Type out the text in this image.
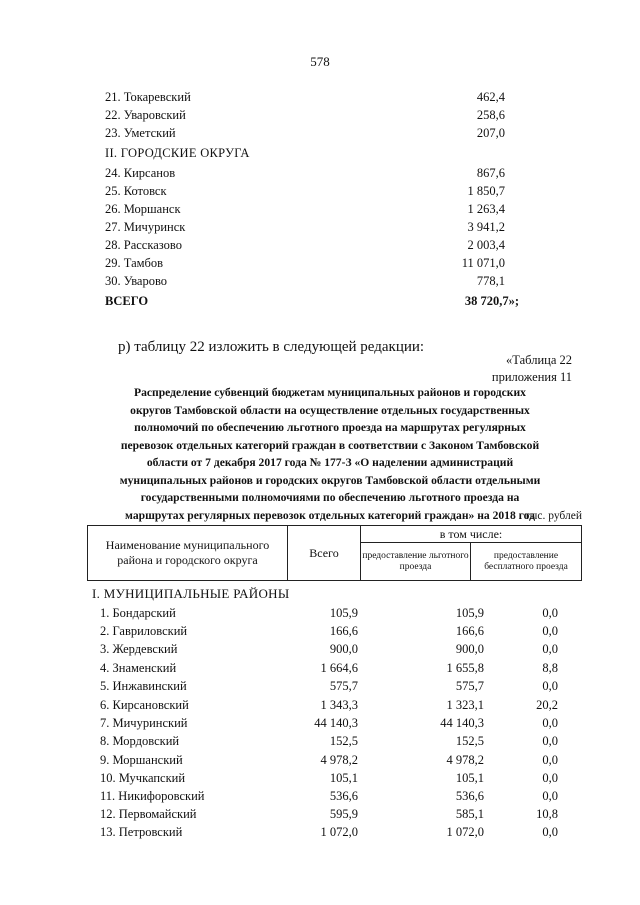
578
21. Токаревский	462,4
22. Уваровский	258,6
23. Уметский	207,0
II. ГОРОДСКИЕ ОКРУГА
24. Кирсанов	867,6
25. Котовск	1 850,7
26. Моршанск	1 263,4
27. Мичуринск	3 941,2
28. Рассказово	2 003,4
29. Тамбов	11 071,0
30. Уварово	778,1
ВСЕГО	38 720,7»;
р) таблицу 22 изложить в следующей редакции:
«Таблица 22
приложения 11
Распределение субвенций бюджетам муниципальных районов и городских
округов Тамбовской области на осуществление отдельных государственных
полномочий по обеспечению льготного проезда на маршрутах регулярных
перевозок отдельных категорий граждан в соответствии с Законом Тамбовской
области от 7 декабря 2017 года № 177-З «О наделении администраций
муниципальных районов и городских округов Тамбовской области отдельными
государственными полномочиями по обеспечению льготного проезда на
маршрутах регулярных перевозок отдельных категорий граждан» на 2018 год
тыс. рублей
Наименование муниципального района и городского округа
Всего
в том числе:
предоставление льготного проезда
предоставление бесплатного проезда
I. МУНИЦИПАЛЬНЫЕ РАЙОНЫ
1. Бондарский	105,9	105,9	0,0
2. Гавриловский	166,6	166,6	0,0
3. Жердевский	900,0	900,0	0,0
4. Знаменский	1 664,6	1 655,8	8,8
5. Инжавинский	575,7	575,7	0,0
6. Кирсановский	1 343,3	1 323,1	20,2
7. Мичуринский	44 140,3	44 140,3	0,0
8. Мордовский	152,5	152,5	0,0
9. Моршанский	4 978,2	4 978,2	0,0
10. Мучкапский	105,1	105,1	0,0
11. Никифоровский	536,6	536,6	0,0
12. Первомайский	595,9	585,1	10,8
13. Петровский	1 072,0	1 072,0	0,0
